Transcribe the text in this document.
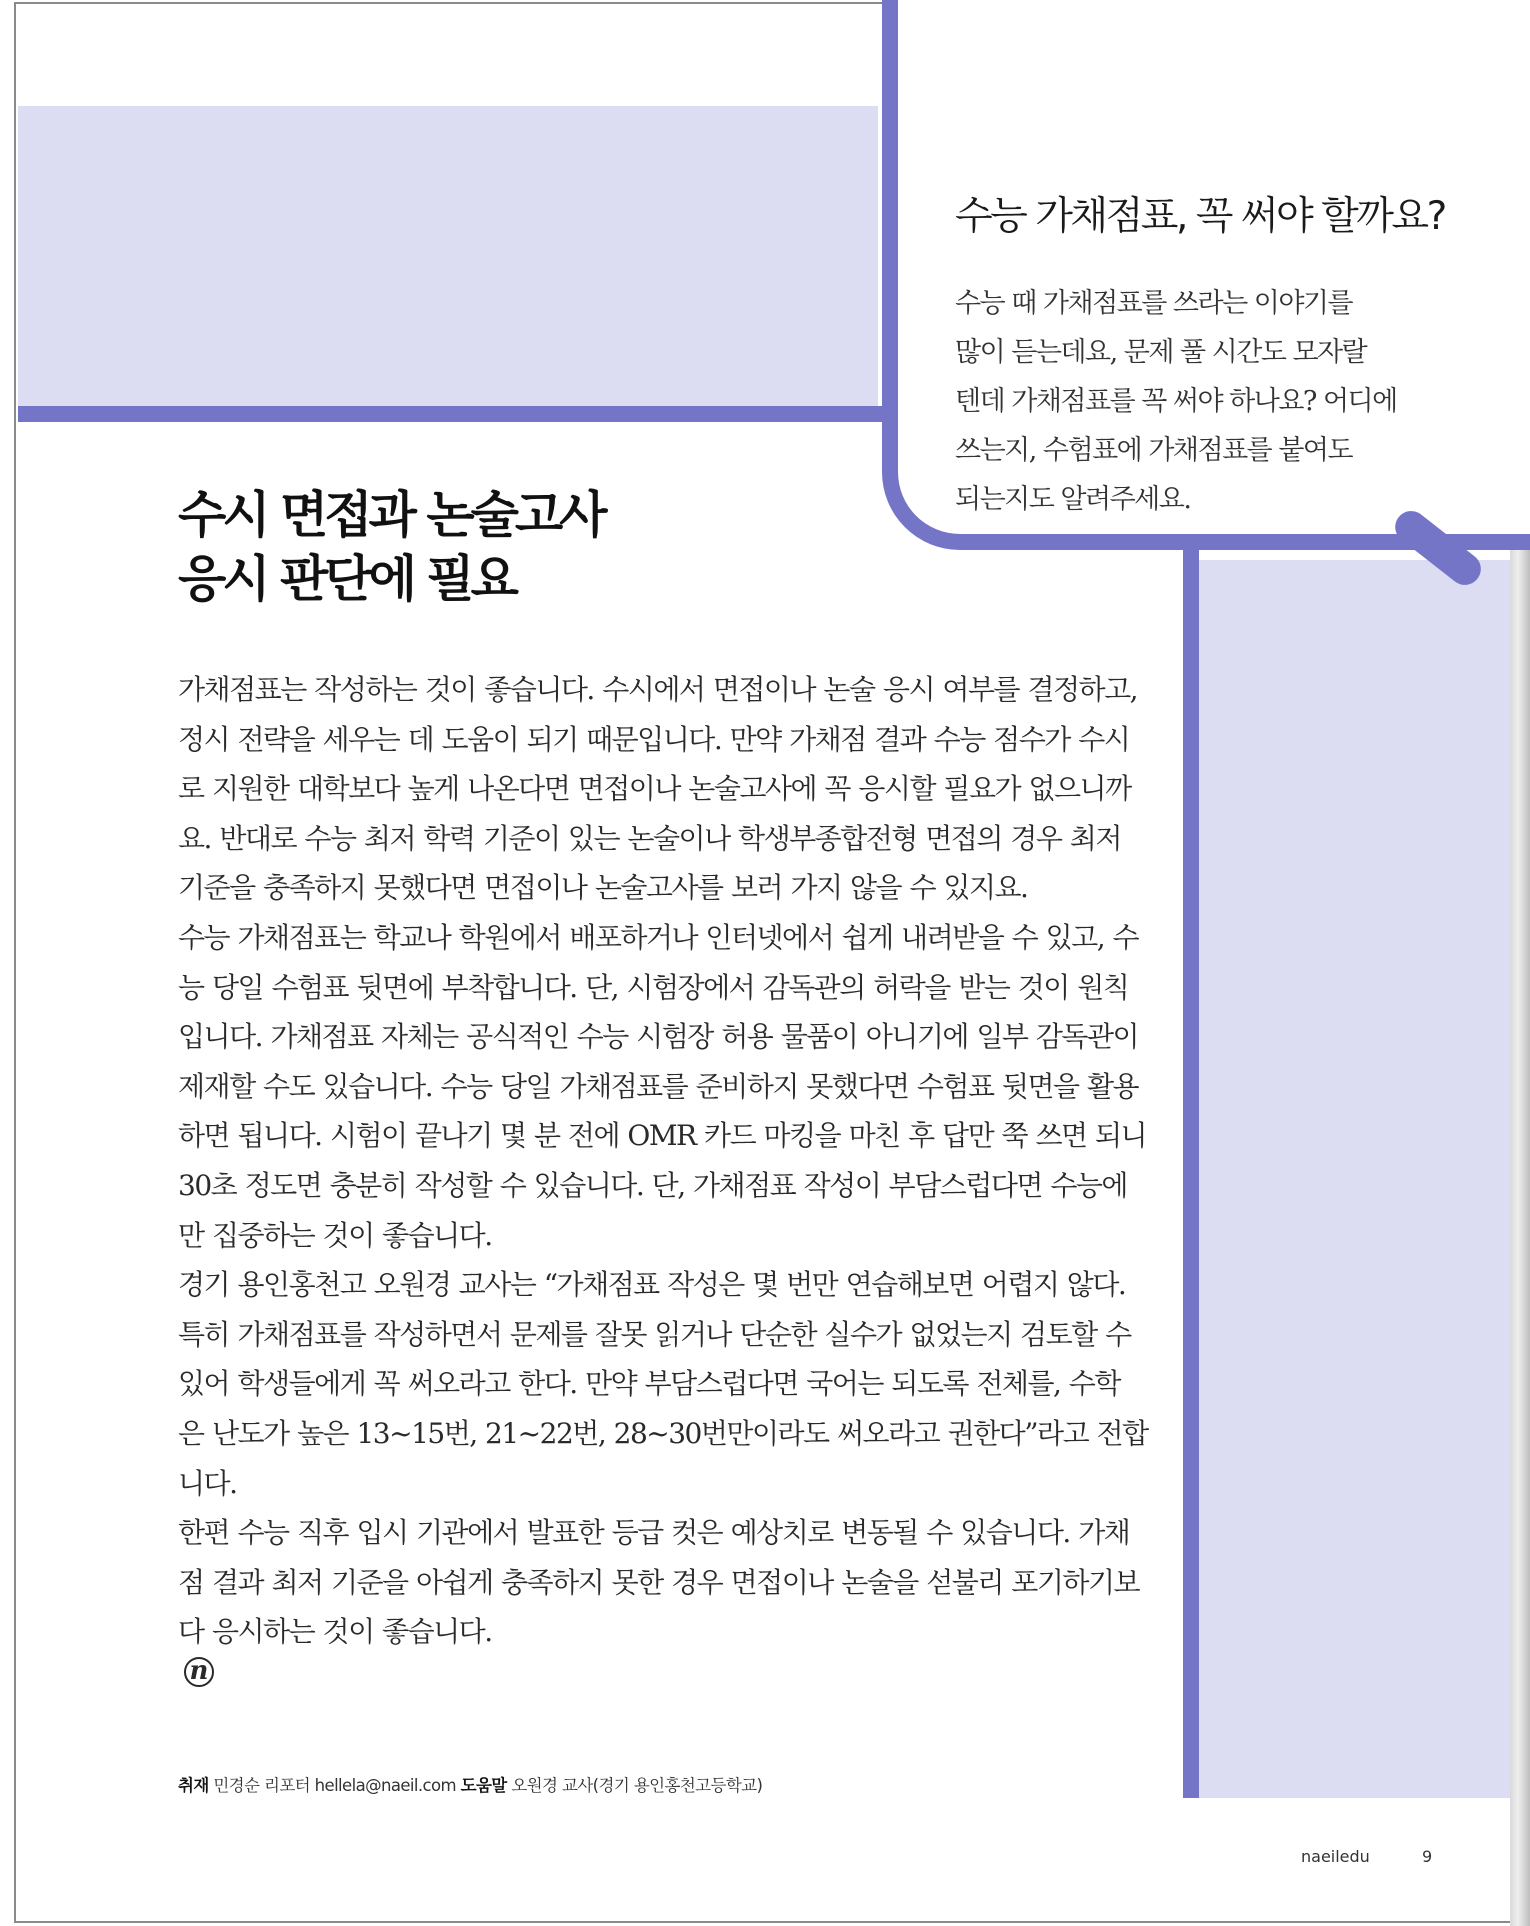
수능 가채점표, 꼭 써야 할까요?

수능 때 가채점표를 쓰라는 이야기를
많이 듣는데요, 문제 풀 시간도 모자랄
텐데 가채점표를 꼭 써야 하나요? 어디에
쓰는지, 수험표에 가채점표를 붙여도
되는지도 알려주세요.

수시 면접과 논술고사
응시 판단에 필요
가채점표는 작성하는 것이 좋습니다. 수시에서 면접이나 논술 응시 여부를 결정하고,
정시 전략을 세우는 데 도움이 되기 때문입니다. 만약 가채점 결과 수능 점수가 수시
로 지원한 대학보다 높게 나온다면 면접이나 논술고사에 꼭 응시할 필요가 없으니까
요. 반대로 수능 최저 학력 기준이 있는 논술이나 학생부종합전형 면접의 경우 최저
기준을 충족하지 못했다면 면접이나 논술고사를 보러 가지 않을 수 있지요.
수능 가채점표는 학교나 학원에서 배포하거나 인터넷에서 쉽게 내려받을 수 있고, 수
능 당일 수험표 뒷면에 부착합니다. 단, 시험장에서 감독관의 허락을 받는 것이 원칙
입니다. 가채점표 자체는 공식적인 수능 시험장 허용 물품이 아니기에 일부 감독관이
제재할 수도 있습니다. 수능 당일 가채점표를 준비하지 못했다면 수험표 뒷면을 활용
하면 됩니다. 시험이 끝나기 몇 분 전에 OMR 카드 마킹을 마친 후 답만 쭉 쓰면 되니
30초 정도면 충분히 작성할 수 있습니다. 단, 가채점표 작성이 부담스럽다면 수능에
만 집중하는 것이 좋습니다.
경기 용인홍천고 오원경 교사는 “가채점표 작성은 몇 번만 연습해보면 어렵지 않다.
특히 가채점표를 작성하면서 문제를 잘못 읽거나 단순한 실수가 없었는지 검토할 수
있어 학생들에게 꼭 써오라고 한다. 만약 부담스럽다면 국어는 되도록 전체를, 수학
은 난도가 높은 13~15번, 21~22번, 28~30번만이라도 써오라고 권한다”라고 전합
니다.
한편 수능 직후 입시 기관에서 발표한 등급 컷은 예상치로 변동될 수 있습니다. 가채
점 결과 최저 기준을 아쉽게 충족하지 못한 경우 면접이나 논술을 섣불리 포기하기보
다 응시하는 것이 좋습니다.
n
취재 민경순 리포터 hellela@naeil.com 도움말 오원경 교사(경기 용인홍천고등학교)
naeiledu	9
